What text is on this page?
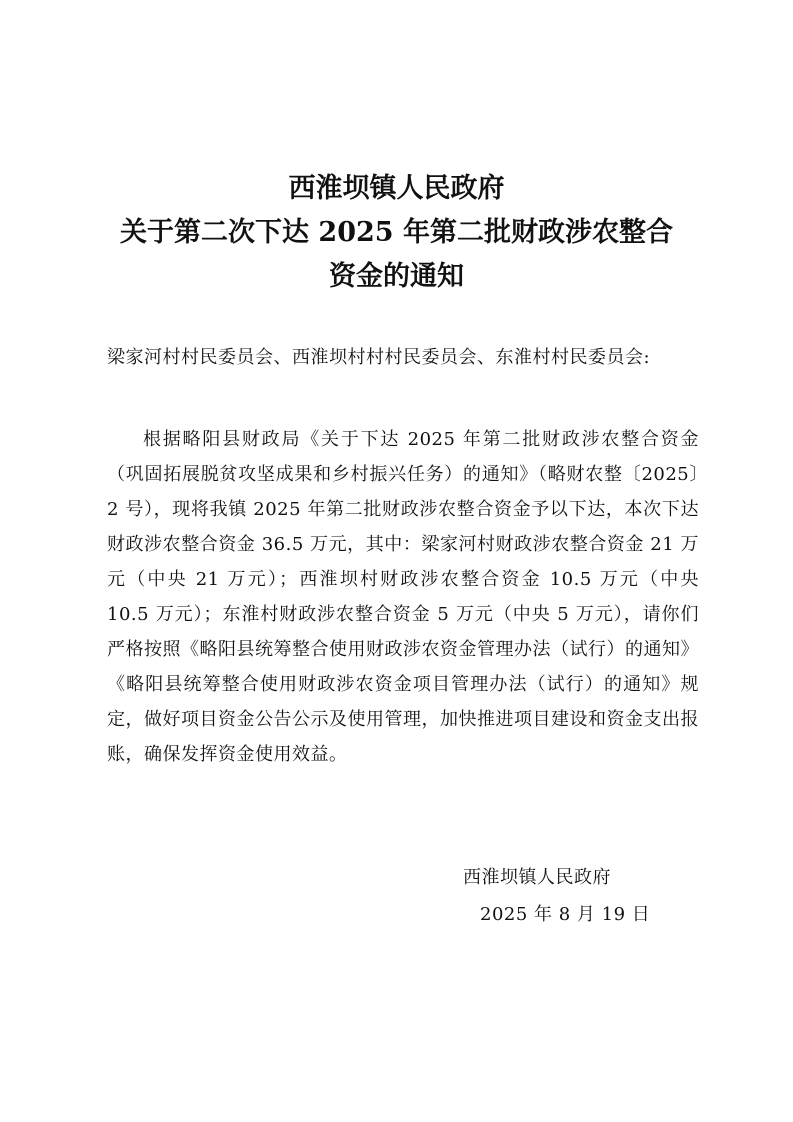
西淮坝镇人民政府
关于第二次下达 2025 年第二批财政涉农整合
资金的通知
梁家河村村民委员会、西淮坝村村村民委员会、东淮村村民委员会:
根据略阳县财政局《关于下达 2025 年第二批财政涉农整合资金（巩固拓展脱贫攻坚成果和乡村振兴任务）的通知》（略财农整〔2025〕2 号），现将我镇 2025 年第二批财政涉农整合资金予以下达，本次下达财政涉农整合资金 36.5 万元，其中：梁家河村财政涉农整合资金 21 万元（中央 21 万元）；西淮坝村财政涉农整合资金 10.5 万元（中央 10.5 万元）；东淮村财政涉农整合资金 5 万元（中央 5 万元），请你们严格按照《略阳县统筹整合使用财政涉农资金管理办法（试行）的通知》《略阳县统筹整合使用财政涉农资金项目管理办法（试行）的通知》规定，做好项目资金公告公示及使用管理，加快推进项目建设和资金支出报账，确保发挥资金使用效益。
西淮坝镇人民政府
2025 年 8 月 19 日
